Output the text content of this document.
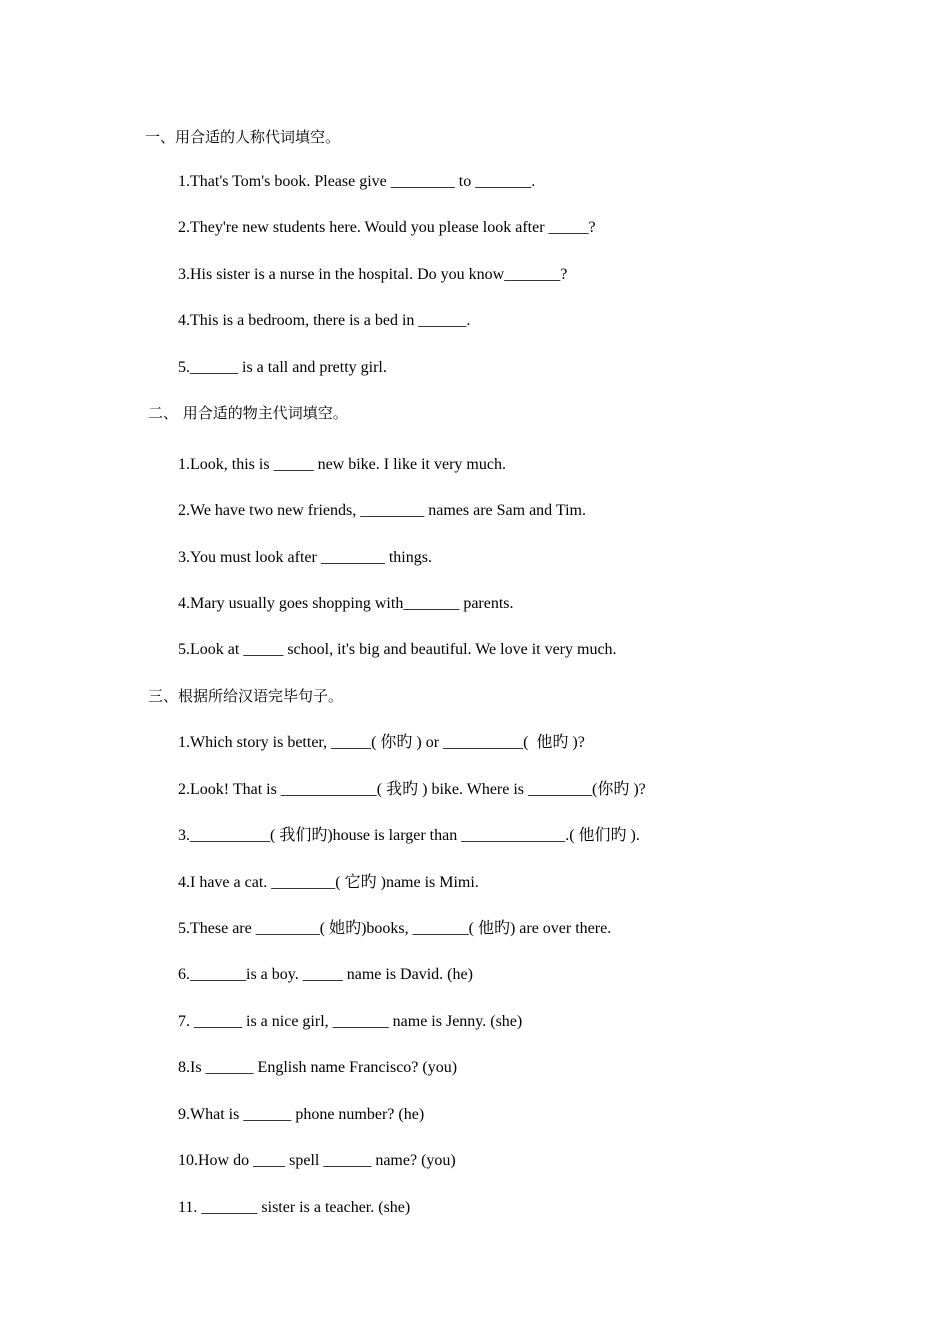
一、用合适的人称代词填空。

1.That's Tom's book. Please give ________ to _______.

2.They're new students here. Would you please look after _____?

3.His sister is a nurse in the hospital. Do you know_______?

4.This is a bedroom, there is a bed in ______.

5.______ is a tall and pretty girl.

二、 用合适的物主代词填空。

1.Look, this is _____ new bike. I like it very much.

2.We have two new friends, ________ names are Sam and Tim.

3.You must look after ________ things.

4.Mary usually goes shopping with_______ parents.

5.Look at _____ school, it's big and beautiful. We love it very much.

三、根据所给汉语完毕句子。

1.Which story is better, _____( 你旳 ) or __________(  他旳 )?

2.Look! That is ____________( 我旳 ) bike. Where is ________(你旳 )?

3.__________( 我们旳)house is larger than _____________.( 他们旳 ).

4.I have a cat. ________( 它旳 )name is Mimi.

5.These are ________( 她旳)books, _______( 他旳) are over there.

6._______is a boy. _____ name is David. (he)

7. ______ is a nice girl, _______ name is Jenny. (she)

8.Is ______ English name Francisco? (you)

9.What is ______ phone number? (he)

10.How do ____ spell ______ name? (you)

11. _______ sister is a teacher. (she)
